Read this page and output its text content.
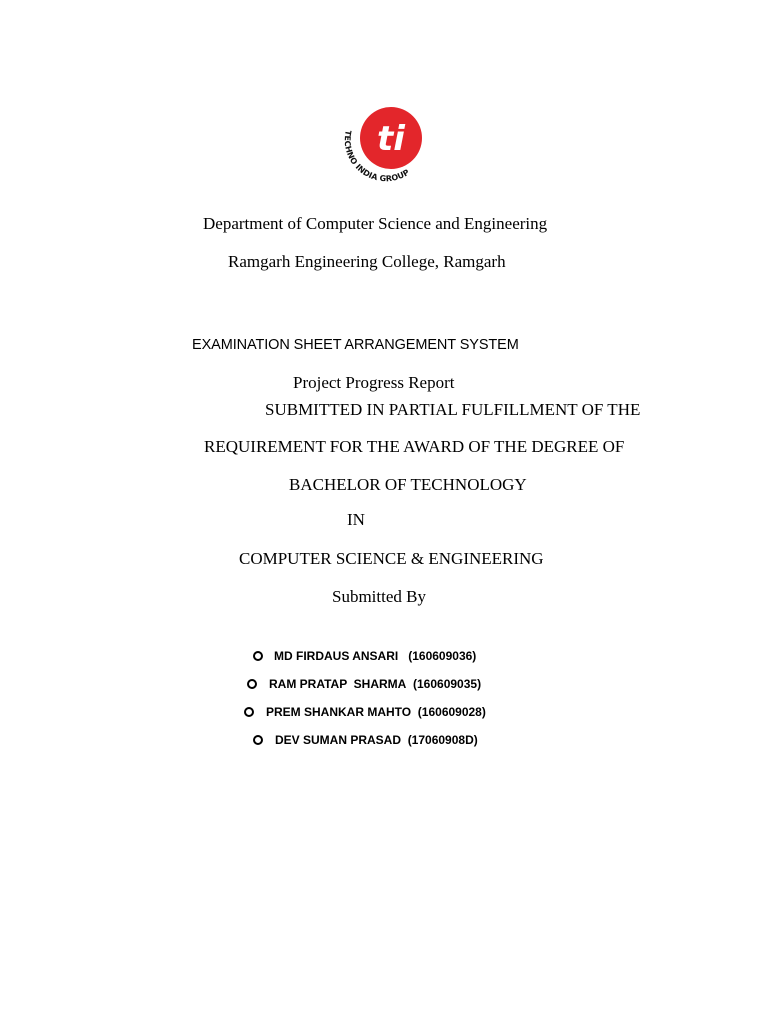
ti
TECHNO INDIA GROUP
Department of Computer Science and Engineering
Ramgarh Engineering College, Ramgarh
EXAMINATION SHEET ARRANGEMENT SYSTEM
Project Progress Report
SUBMITTED IN PARTIAL FULFILLMENT OF THE
REQUIREMENT FOR THE AWARD OF THE DEGREE OF
BACHELOR OF TECHNOLOGY
IN
COMPUTER SCIENCE & ENGINEERING
Submitted By
MD FIRDAUS ANSARI (160609036)
RAM PRATAP  SHARMA (160609035)
PREM SHANKAR MAHTO (160609028)
DEV SUMAN PRASAD (17060908D)
